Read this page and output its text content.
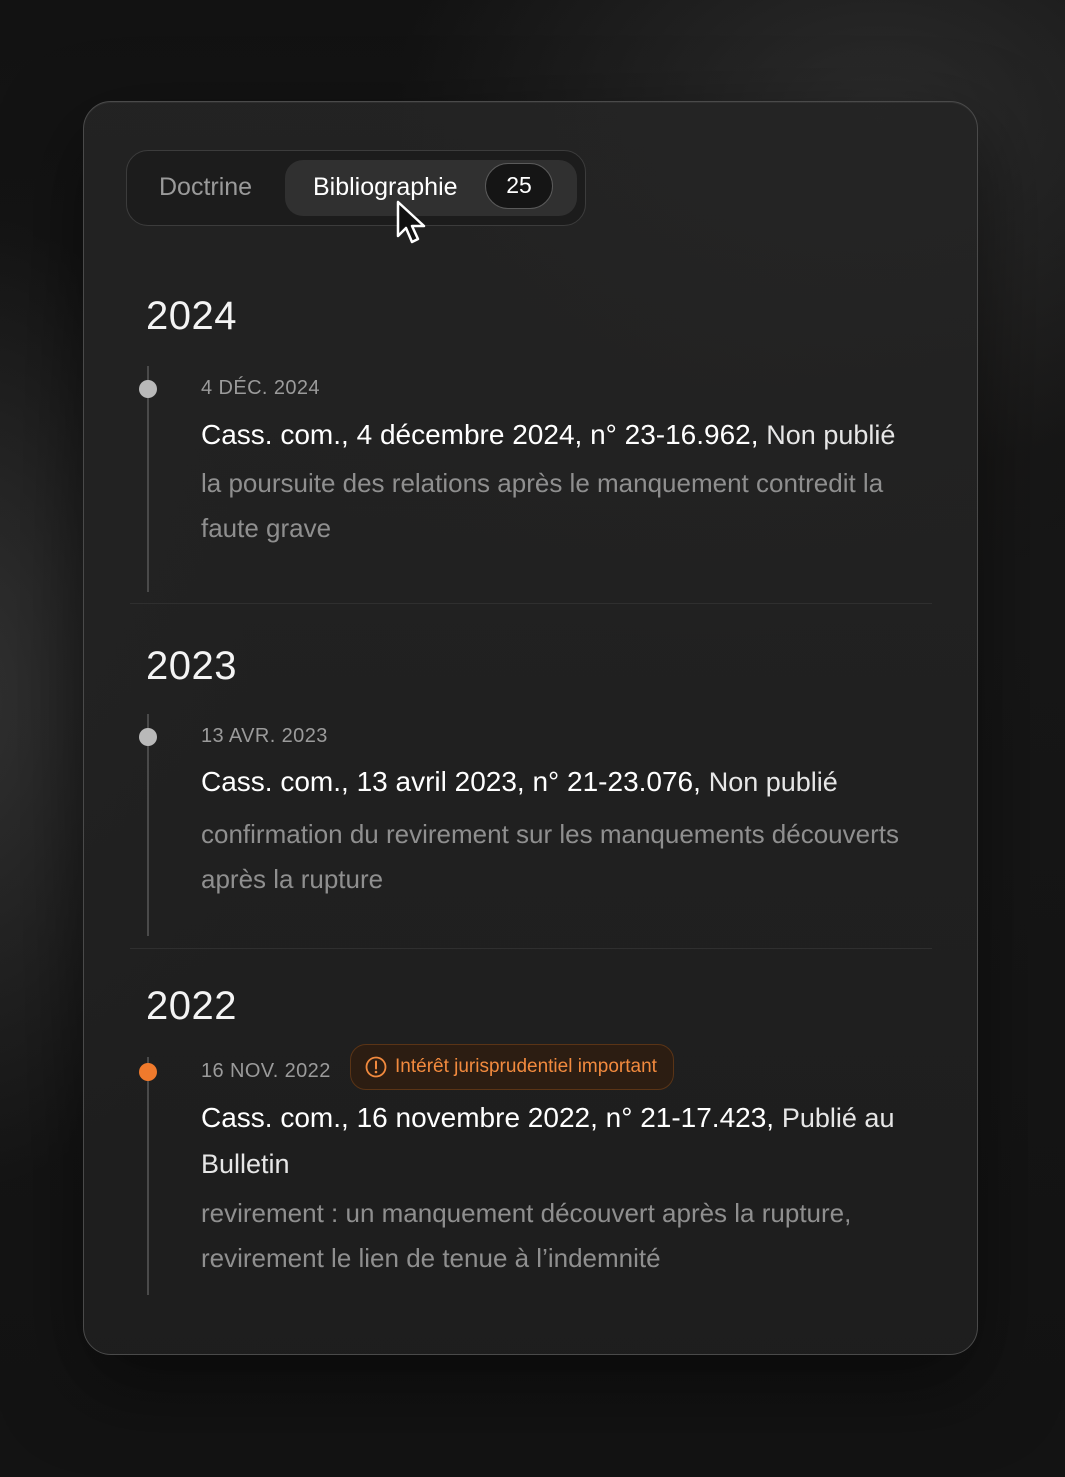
Doctrine Bibliographie	25
2024
4 DÉC. 2024
Cass. com., 4 décembre 2024, n° 23-16.962, Non publié
la poursuite des relations après le manquement contredit la faute grave
2023
13 AVR. 2023
Cass. com., 13 avril 2023, n° 21-23.076, Non publié
confirmation du revirement sur les manquements découverts après la rupture
2022
16 NOV. 2022	Intérêt jurisprudentiel important
Cass. com., 16 novembre 2022, n° 21-17.423, Publié au Bulletin
revirement : un manquement découvert après la rupture, revirement le lien de tenue à l’indemnité
